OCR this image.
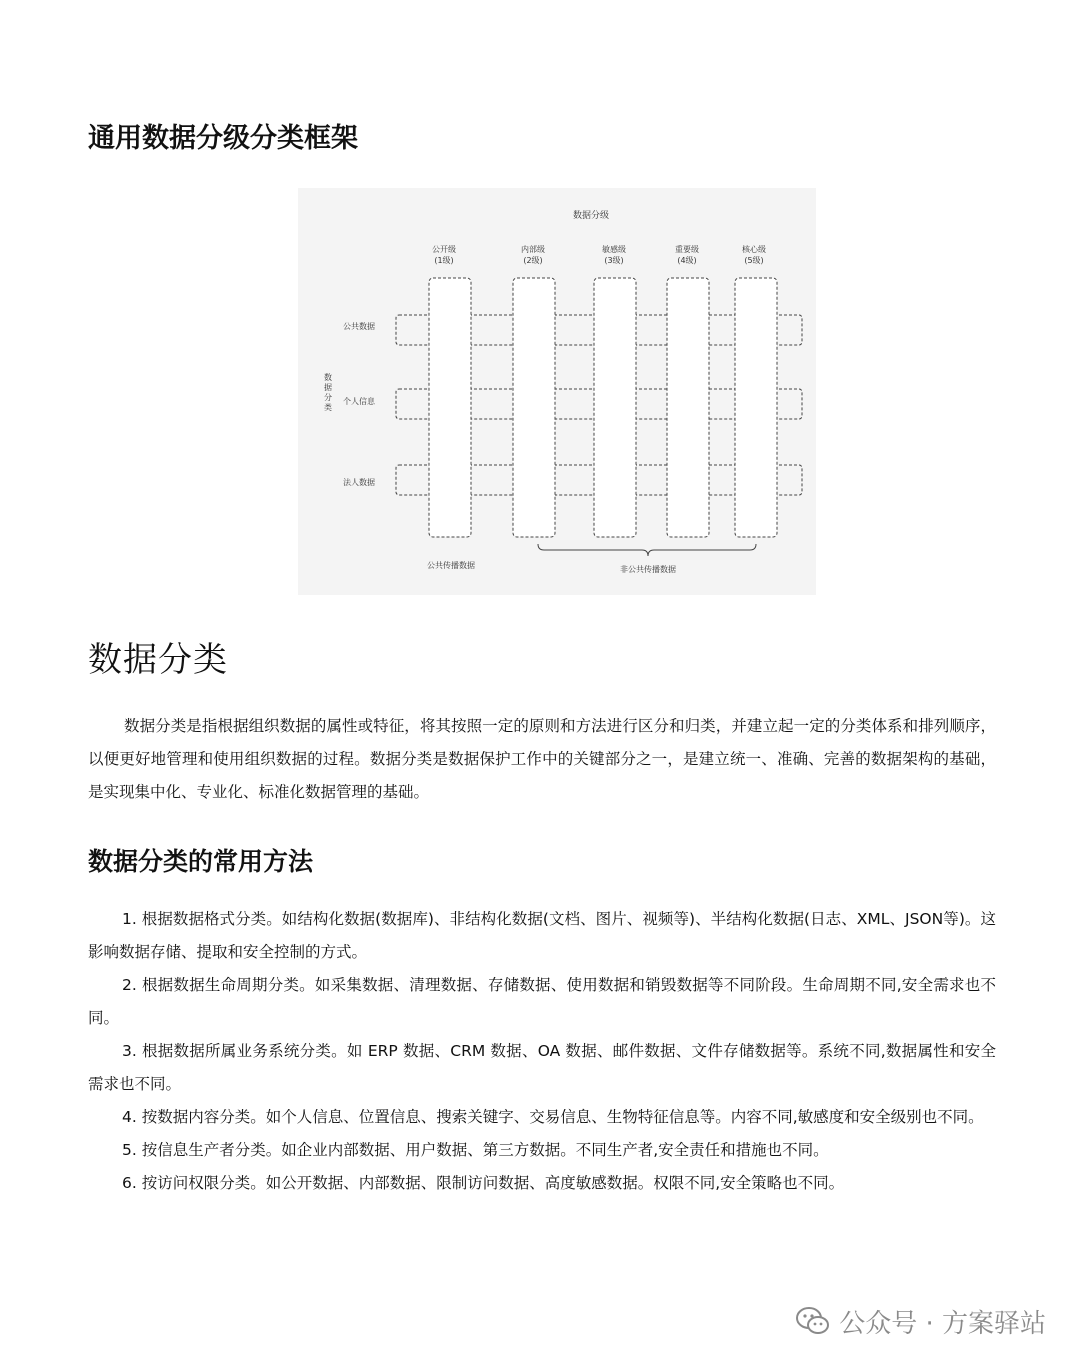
通用数据分级分类框架
数据分级
公开级
(1级)
内部级
(2级)
敏感级
(3级)
重要级
(4级)
核心级
(5级)
公共数据
个人信息
法人数据
公共传播数据	非公共传播数据
数
据
分
类
数据分类

数据分类是指根据组织数据的属性或特征，将其按照一定的原则和方法进行区分和归类，并建立起一定的分类体系和排列顺序，以便更好地管理和使用组织数据的过程。数据分类是数据保护工作中的关键部分之一，是建立统一、准确、完善的数据架构的基础，是实现集中化、专业化、标准化数据管理的基础。

数据分类的常用方法
1. 根据数据格式分类。如结构化数据(数据库)、非结构化数据(文档、图片、视频等)、半结构化数据(日志、XML、JSON等)。这影响数据存储、提取和安全控制的方式。
2. 根据数据生命周期分类。如采集数据、清理数据、存储数据、使用数据和销毁数据等不同阶段。生命周期不同,安全需求也不同。
3. 根据数据所属业务系统分类。如 ERP 数据、CRM 数据、OA 数据、邮件数据、文件存储数据等。系统不同,数据属性和安全需求也不同。
4. 按数据内容分类。如个人信息、位置信息、搜索关键字、交易信息、生物特征信息等。内容不同,敏感度和安全级别也不同。
5. 按信息生产者分类。如企业内部数据、用户数据、第三方数据。不同生产者,安全责任和措施也不同。
6. 按访问权限分类。如公开数据、内部数据、限制访问数据、高度敏感数据。权限不同,安全策略也不同。
公众号 · 方案驿站
